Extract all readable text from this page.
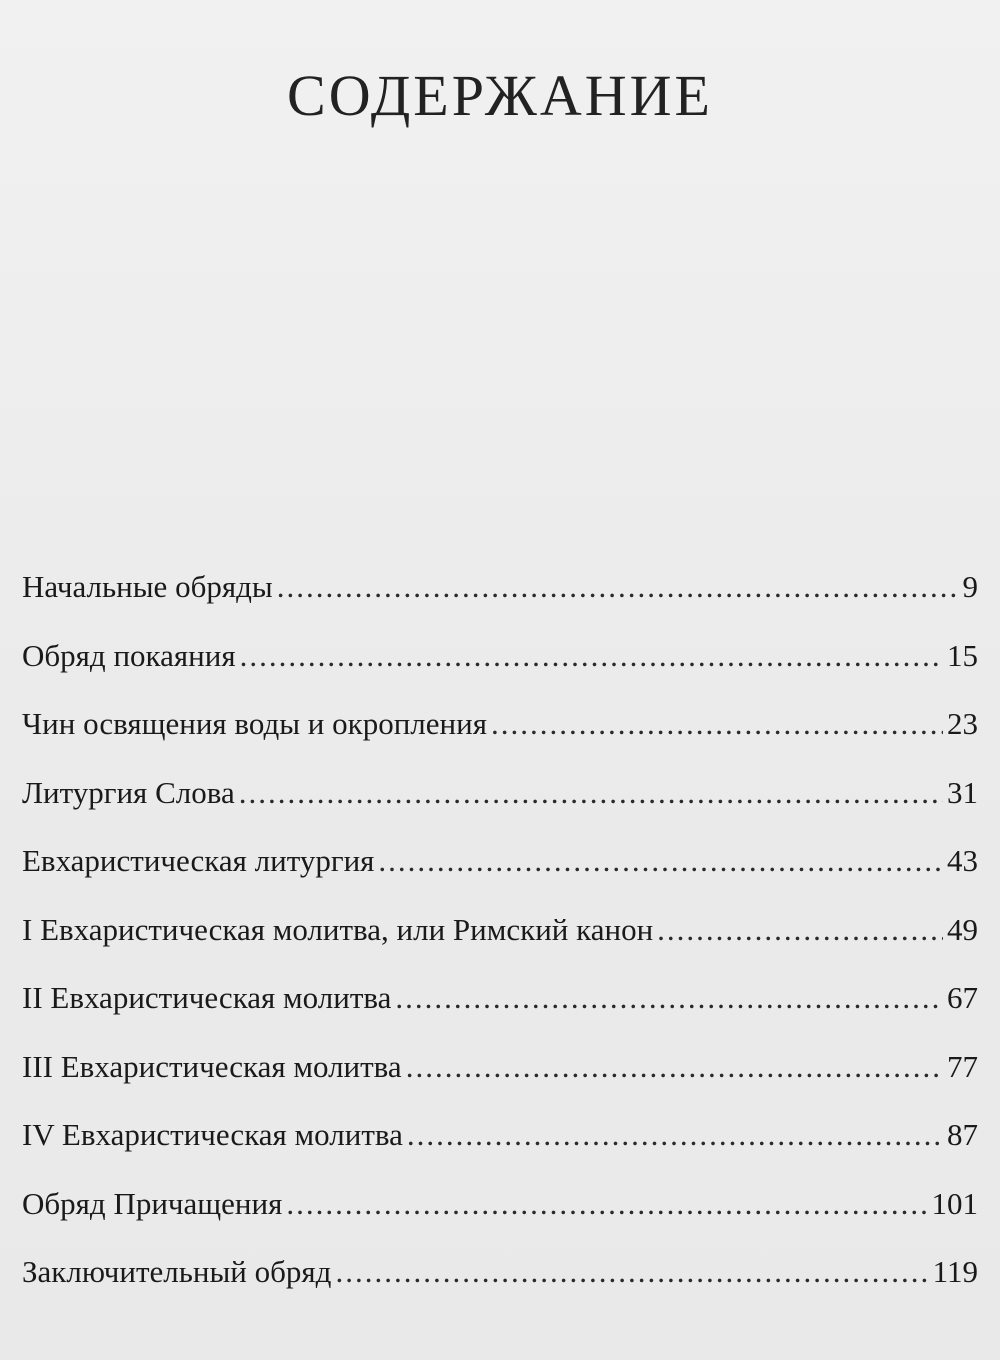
СОДЕРЖАНИЕ
Начальные обряды .....	9
Обряд покаяния .....	15
Чин освящения воды и окропления .....	23
Литургия Слова .....	31
Евхаристическая литургия .....	43
I Евхаристическая молитва, или Римский канон .....	49
II Евхаристическая молитва .....	67
III Евхаристическая молитва .....	77
IV Евхаристическая молитва .....	87
Обряд Причащения .....	101
Заключительный обряд .....	119
